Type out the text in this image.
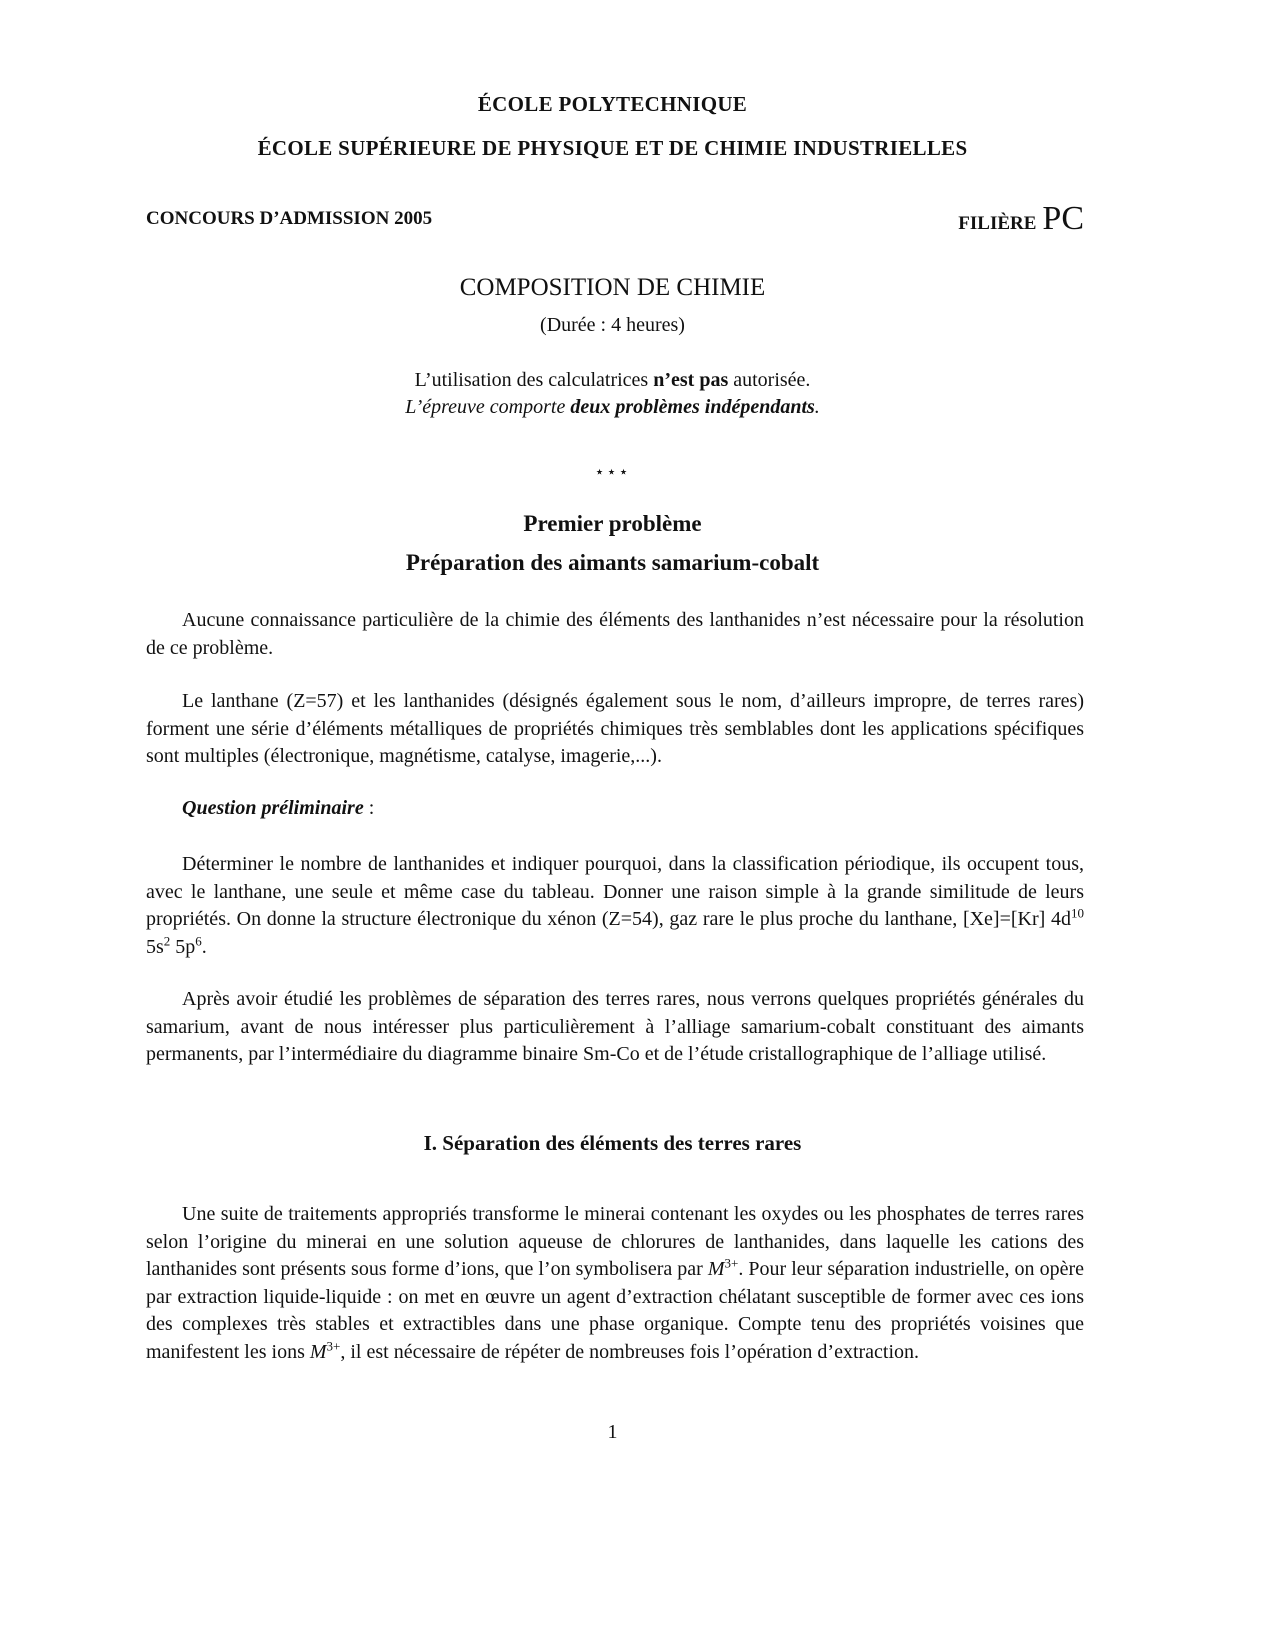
ÉCOLE POLYTECHNIQUE
ÉCOLE SUPÉRIEURE DE PHYSIQUE ET DE CHIMIE INDUSTRIELLES
CONCOURS D’ADMISSION 2005	FILIÈRE PC
COMPOSITION DE CHIMIE
(Durée : 4 heures)
L’utilisation des calculatrices n’est pas autorisée.
L’épreuve comporte deux problèmes indépendants.
⋆⋆⋆
Premier problème
Préparation des aimants samarium-cobalt
Aucune connaissance particulière de la chimie des éléments des lanthanides n’est nécessaire pour la résolution de ce problème.
Le lanthane (Z=57) et les lanthanides (désignés également sous le nom, d’ailleurs impropre, de terres rares) forment une série d’éléments métalliques de propriétés chimiques très semblables dont les applications spécifiques sont multiples (électronique, magnétisme, catalyse, imagerie,...).
Question préliminaire :
Déterminer le nombre de lanthanides et indiquer pourquoi, dans la classification périodique, ils occupent tous, avec le lanthane, une seule et même case du tableau. Donner une raison simple à la grande similitude de leurs propriétés. On donne la structure électronique du xénon (Z=54), gaz rare le plus proche du lanthane, [Xe]=[Kr] $4d^{10}$ $5s^2$ $5p^6$.
Après avoir étudié les problèmes de séparation des terres rares, nous verrons quelques propriétés générales du samarium, avant de nous intéresser plus particulièrement à l’alliage samarium-cobalt constituant des aimants permanents, par l’intermédiaire du diagramme binaire Sm-Co et de l’étude cristallographique de l’alliage utilisé.
I. Séparation des éléments des terres rares
Une suite de traitements appropriés transforme le minerai contenant les oxydes ou les phosphates de terres rares selon l’origine du minerai en une solution aqueuse de chlorures de lanthanides, dans laquelle les cations des lanthanides sont présents sous forme d’ions, que l’on symbolisera par $M^{3+}$. Pour leur séparation industrielle, on opère par extraction liquide-liquide : on met en œuvre un agent d’extraction chélatant susceptible de former avec ces ions des complexes très stables et extractibles dans une phase organique. Compte tenu des propriétés voisines que manifestent les ions $M^{3+}$, il est nécessaire de répéter de nombreuses fois l’opération d’extraction.
1
